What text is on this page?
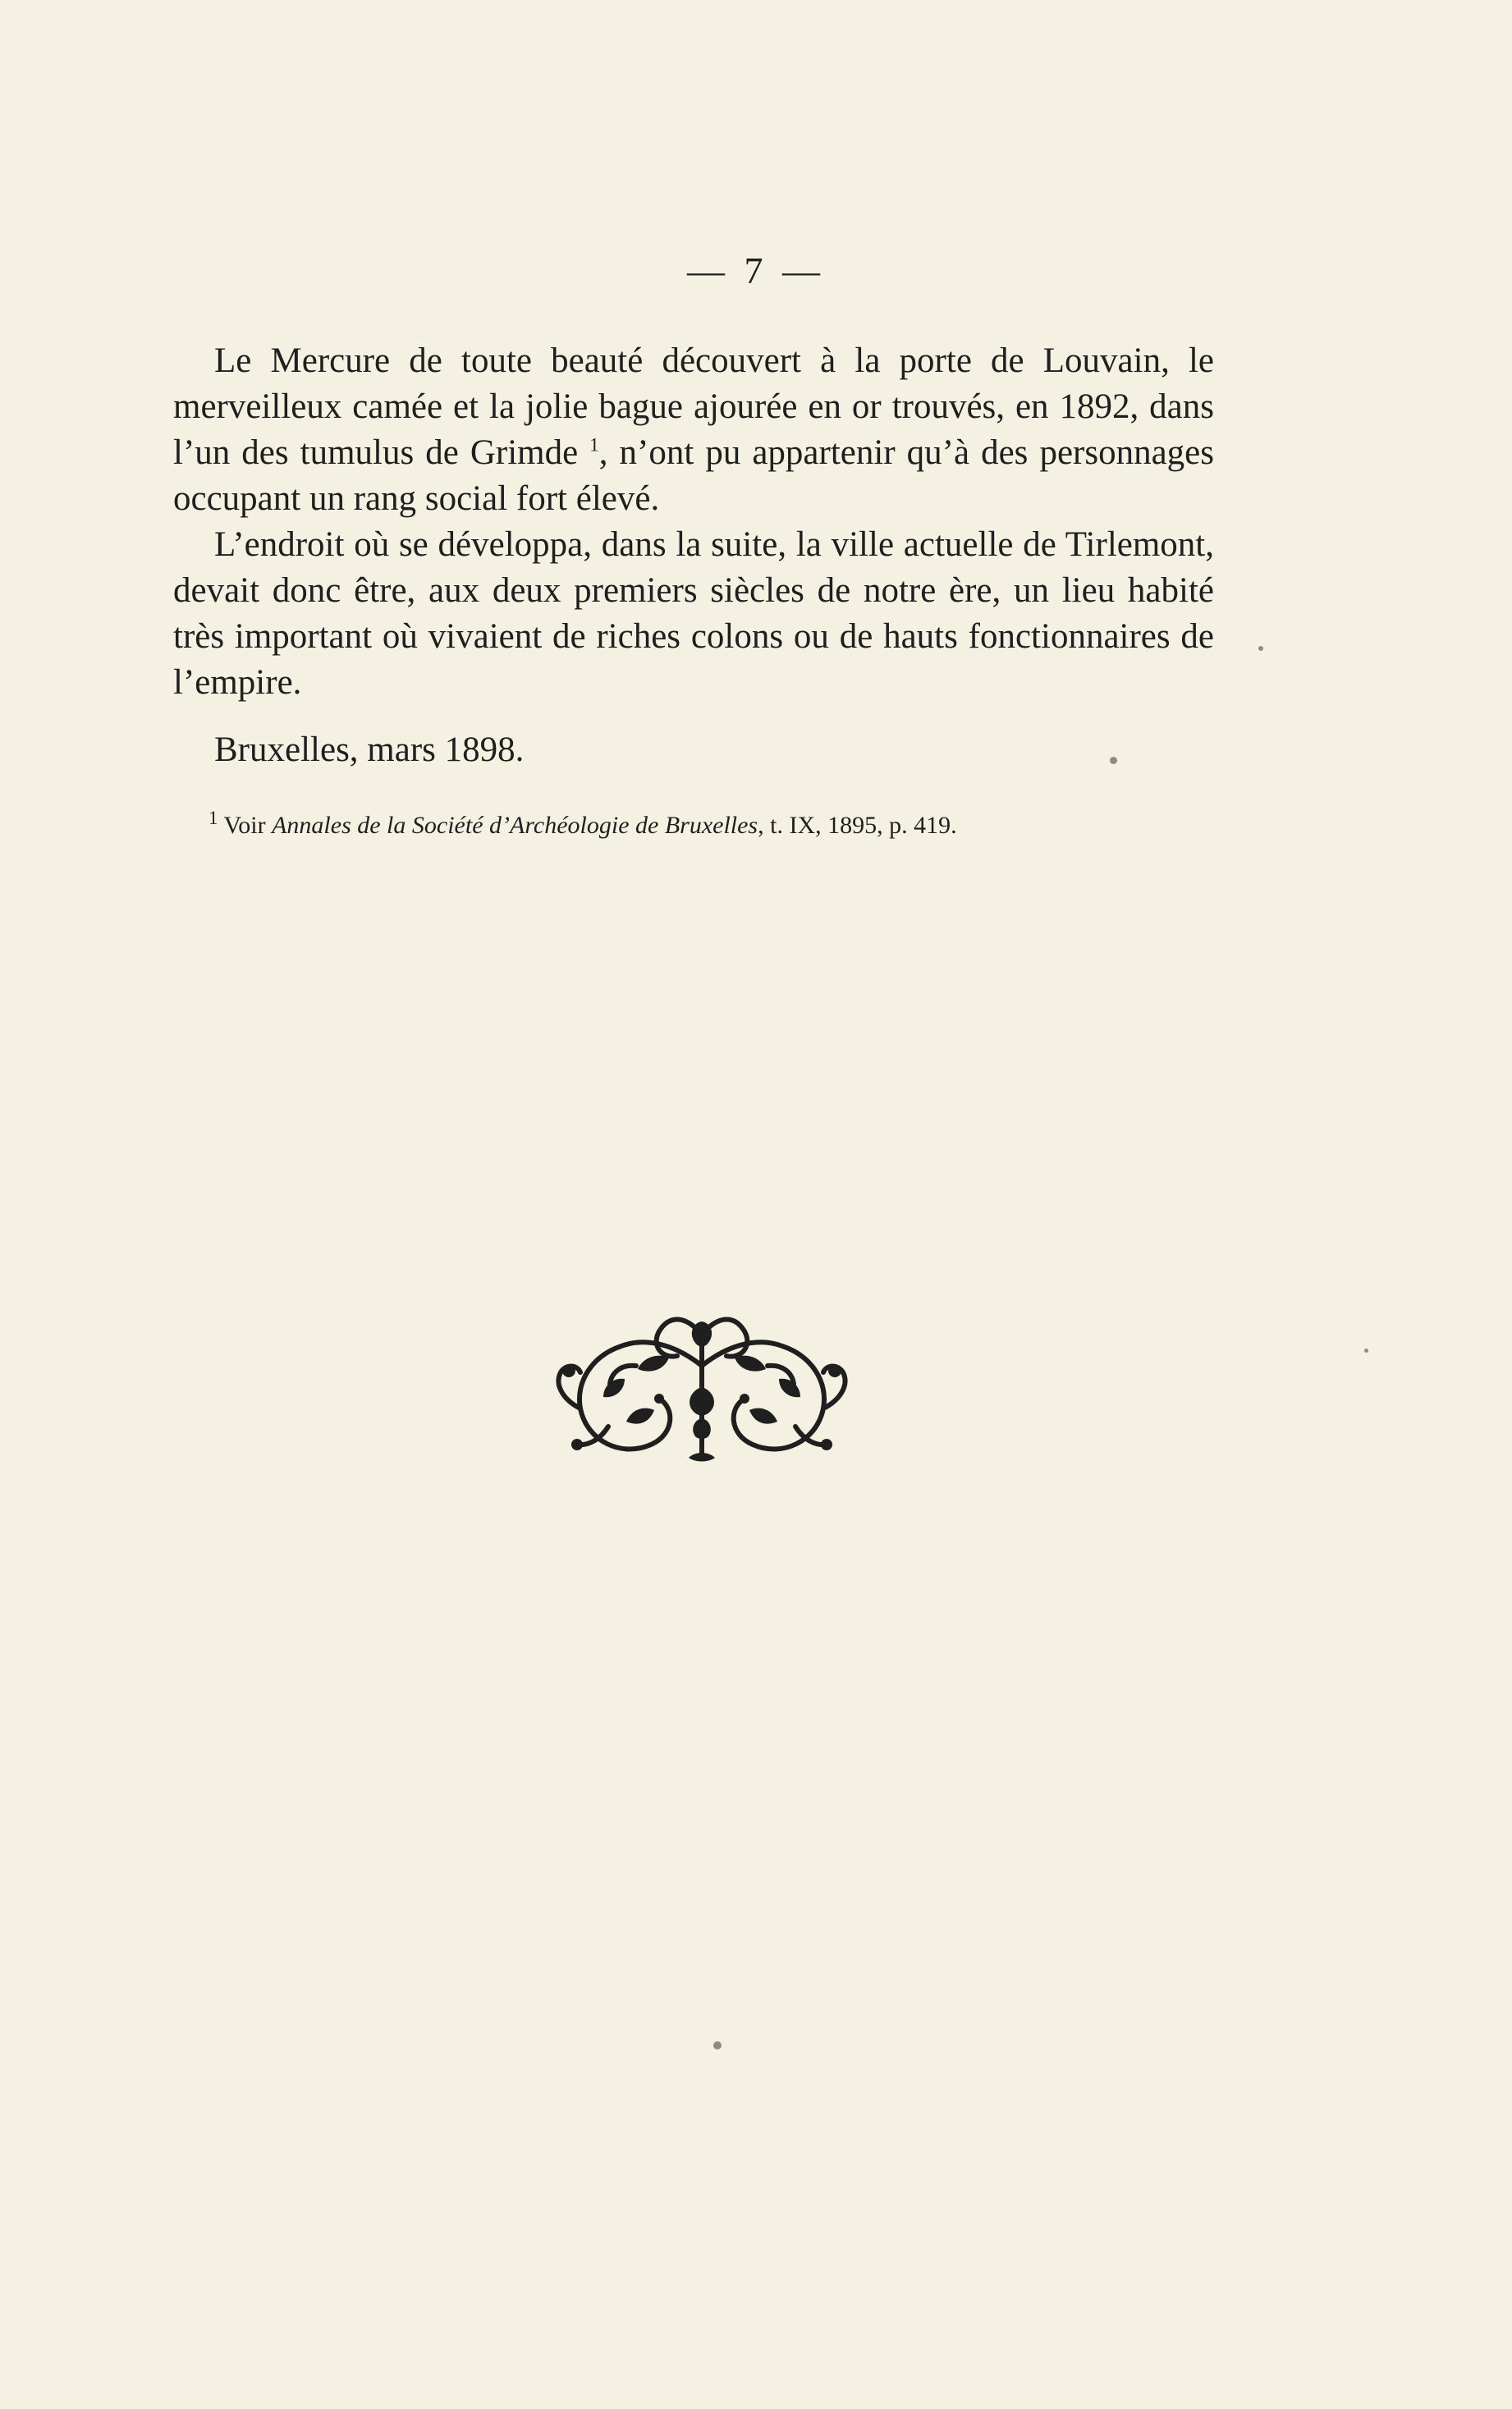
— 7 —

Le Mercure de toute beauté découvert à la porte de Louvain, le merveilleux camée et la jolie bague ajourée en or trouvés, en 1892, dans l’un des tumulus de Grimde $^1$, n’ont pu appartenir qu’à des personnages occupant un rang social fort élevé.

L’endroit où se développa, dans la suite, la ville actuelle de Tirlemont, devait donc être, aux deux premiers siècles de notre ère, un lieu habité très important où vivaient de riches colons ou de hauts fonctionnaires de l’empire.

Bruxelles, mars 1898.
$^1$ Voir Annales de la Société d’Archéologie de Bruxelles, t. IX, 1895, p. 419.
